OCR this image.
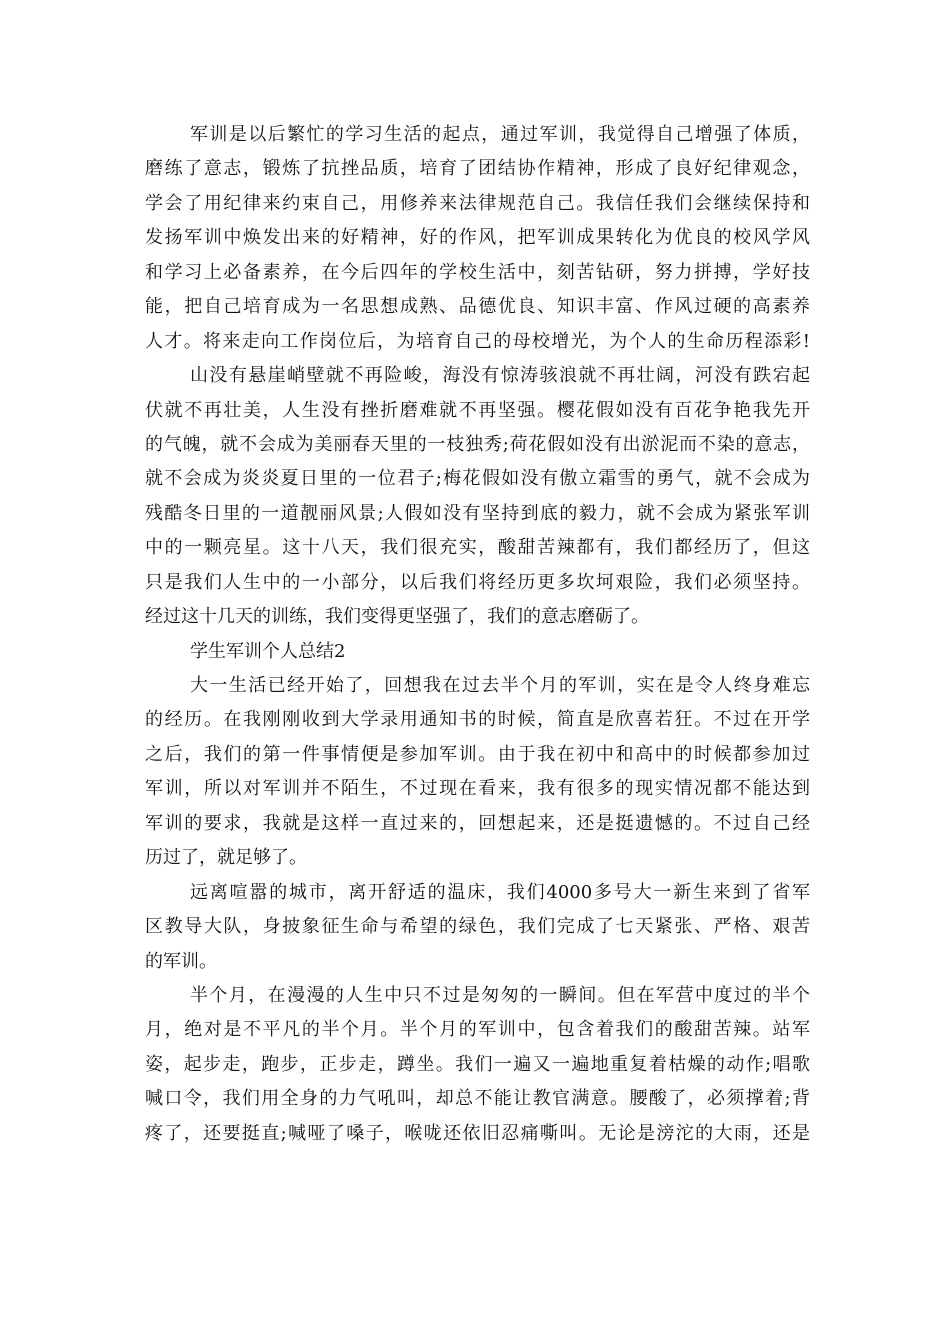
军训是以后繁忙的学习生活的起点，通过军训，我觉得自己增强了体质，
磨练了意志，锻炼了抗挫品质，培育了团结协作精神，形成了良好纪律观念，
学会了用纪律来约束自己，用修养来法律规范自己。我信任我们会继续保持和
发扬军训中焕发出来的好精神，好的作风，把军训成果转化为优良的校风学风
和学习上必备素养，在今后四年的学校生活中，刻苦钻研，努力拼搏，学好技
能，把自己培育成为一名思想成熟、品德优良、知识丰富、作风过硬的高素养
人才。将来走向工作岗位后，为培育自己的母校增光，为个人的生命历程添彩!
山没有悬崖峭壁就不再险峻，海没有惊涛骇浪就不再壮阔，河没有跌宕起
伏就不再壮美，人生没有挫折磨难就不再坚强。樱花假如没有百花争艳我先开
的气魄，就不会成为美丽春天里的一枝独秀;荷花假如没有出淤泥而不染的意志，
就不会成为炎炎夏日里的一位君子;梅花假如没有傲立霜雪的勇气，就不会成为
残酷冬日里的一道靓丽风景;人假如没有坚持到底的毅力，就不会成为紧张军训
中的一颗亮星。这十八天，我们很充实，酸甜苦辣都有，我们都经历了，但这
只是我们人生中的一小部分，以后我们将经历更多坎坷艰险，我们必须坚持。
经过这十几天的训练，我们变得更坚强了，我们的意志磨砺了。
学生军训个人总结2
大一生活已经开始了，回想我在过去半个月的军训，实在是令人终身难忘
的经历。在我刚刚收到大学录用通知书的时候，简直是欣喜若狂。不过在开学
之后，我们的第一件事情便是参加军训。由于我在初中和高中的时候都参加过
军训，所以对军训并不陌生，不过现在看来，我有很多的现实情况都不能达到
军训的要求，我就是这样一直过来的，回想起来，还是挺遗憾的。不过自己经
历过了，就足够了。
远离喧嚣的城市，离开舒适的温床，我们4000多号大一新生来到了省军
区教导大队，身披象征生命与希望的绿色，我们完成了七天紧张、严格、艰苦
的军训。
半个月，在漫漫的人生中只不过是匆匆的一瞬间。但在军营中度过的半个
月，绝对是不平凡的半个月。半个月的军训中，包含着我们的酸甜苦辣。站军
姿，起步走，跑步，正步走，蹲坐。我们一遍又一遍地重复着枯燥的动作;唱歌
喊口令，我们用全身的力气吼叫，却总不能让教官满意。腰酸了，必须撑着;背
疼了，还要挺直;喊哑了嗓子，喉咙还依旧忍痛嘶叫。无论是滂沱的大雨，还是
